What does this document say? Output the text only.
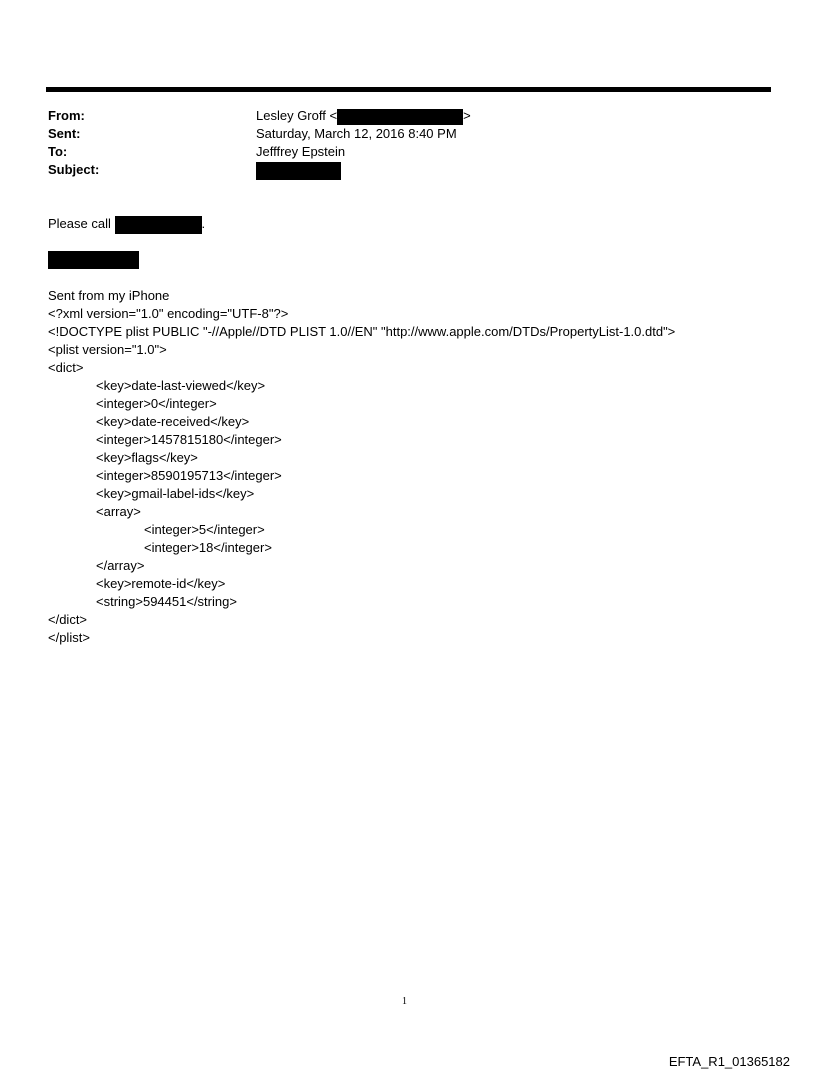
From:	Lesley Groff <	>
Sent:	Saturday, March 12, 2016 8:40 PM
To:	Jefffrey Epstein
Subject:
Please call	.
Sent from my iPhone
<?xml version="1.0" encoding="UTF-8"?>
<!DOCTYPE plist PUBLIC "-//Apple//DTD PLIST 1.0//EN" "http://www.apple.com/DTDs/PropertyList-1.0.dtd">
<plist version="1.0">
<dict>
<key>date-last-viewed</key>
<integer>0</integer>
<key>date-received</key>
<integer>1457815180</integer>
<key>flags</key>
<integer>8590195713</integer>
<key>gmail-label-ids</key>
<array>
<integer>5</integer>
<integer>18</integer>
</array>
<key>remote-id</key>
<string>594451</string>
</dict>
</plist>
1
EFTA_R1_01365182
